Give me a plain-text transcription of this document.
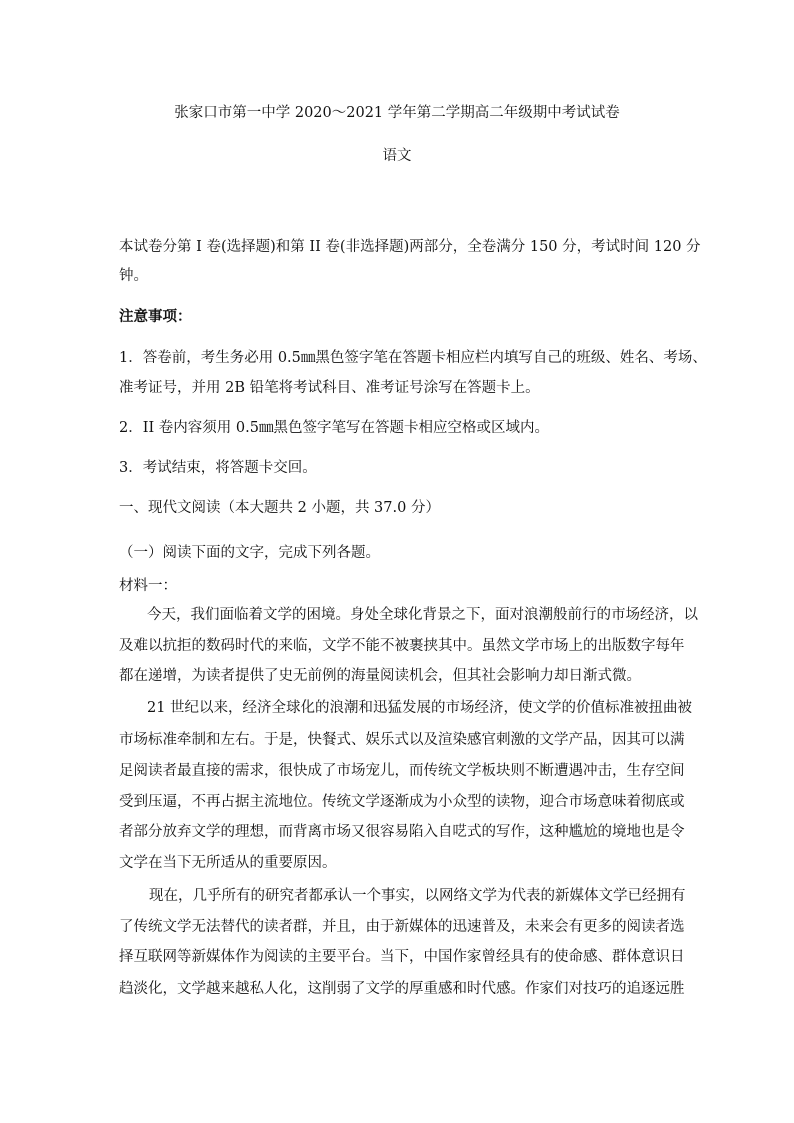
张家口市第一中学 2020～2021 学年第二学期高二年级期中考试试卷

语文

本试卷分第 I 卷(选择题)和第 II 卷(非选择题)两部分，全卷满分 150 分，考试时间 120 分

钟。

注意事项：

1．答卷前，考生务必用 0.5㎜黑色签字笔在答题卡相应栏内填写自己的班级、姓名、考场、

准考证号，并用 2B 铅笔将考试科目、准考证号涂写在答题卡上。

2．II 卷内容须用 0.5㎜黑色签字笔写在答题卡相应空格或区域内。

3．考试结束，将答题卡交回。

一、现代文阅读（本大题共 2 小题，共 37.0 分）

（一）阅读下面的文字，完成下列各题。

材料一：

今天，我们面临着文学的困境。身处全球化背景之下，面对浪潮般前行的市场经济，以

及难以抗拒的数码时代的来临，文学不能不被裹挟其中。虽然文学市场上的出版数字每年

都在递增，为读者提供了史无前例的海量阅读机会，但其社会影响力却日渐式微。

21 世纪以来，经济全球化的浪潮和迅猛发展的市场经济，使文学的价值标准被扭曲被

市场标准牵制和左右。于是，快餐式、娱乐式以及渲染感官刺激的文学产品，因其可以满

足阅读者最直接的需求，很快成了市场宠儿，而传统文学板块则不断遭遇冲击，生存空间

受到压逼，不再占据主流地位。传统文学逐渐成为小众型的读物，迎合市场意味着彻底或

者部分放弃文学的理想，而背离市场又很容易陷入自呓式的写作，这种尴尬的境地也是令

文学在当下无所适从的重要原因。

现在，几乎所有的研究者都承认一个事实，以网络文学为代表的新媒体文学已经拥有

了传统文学无法替代的读者群，并且，由于新媒体的迅速普及，未来会有更多的阅读者选

择互联网等新媒体作为阅读的主要平台。当下，中国作家曾经具有的使命感、群体意识日

趋淡化，文学越来越私人化，这削弱了文学的厚重感和时代感。作家们对技巧的追逐远胜
